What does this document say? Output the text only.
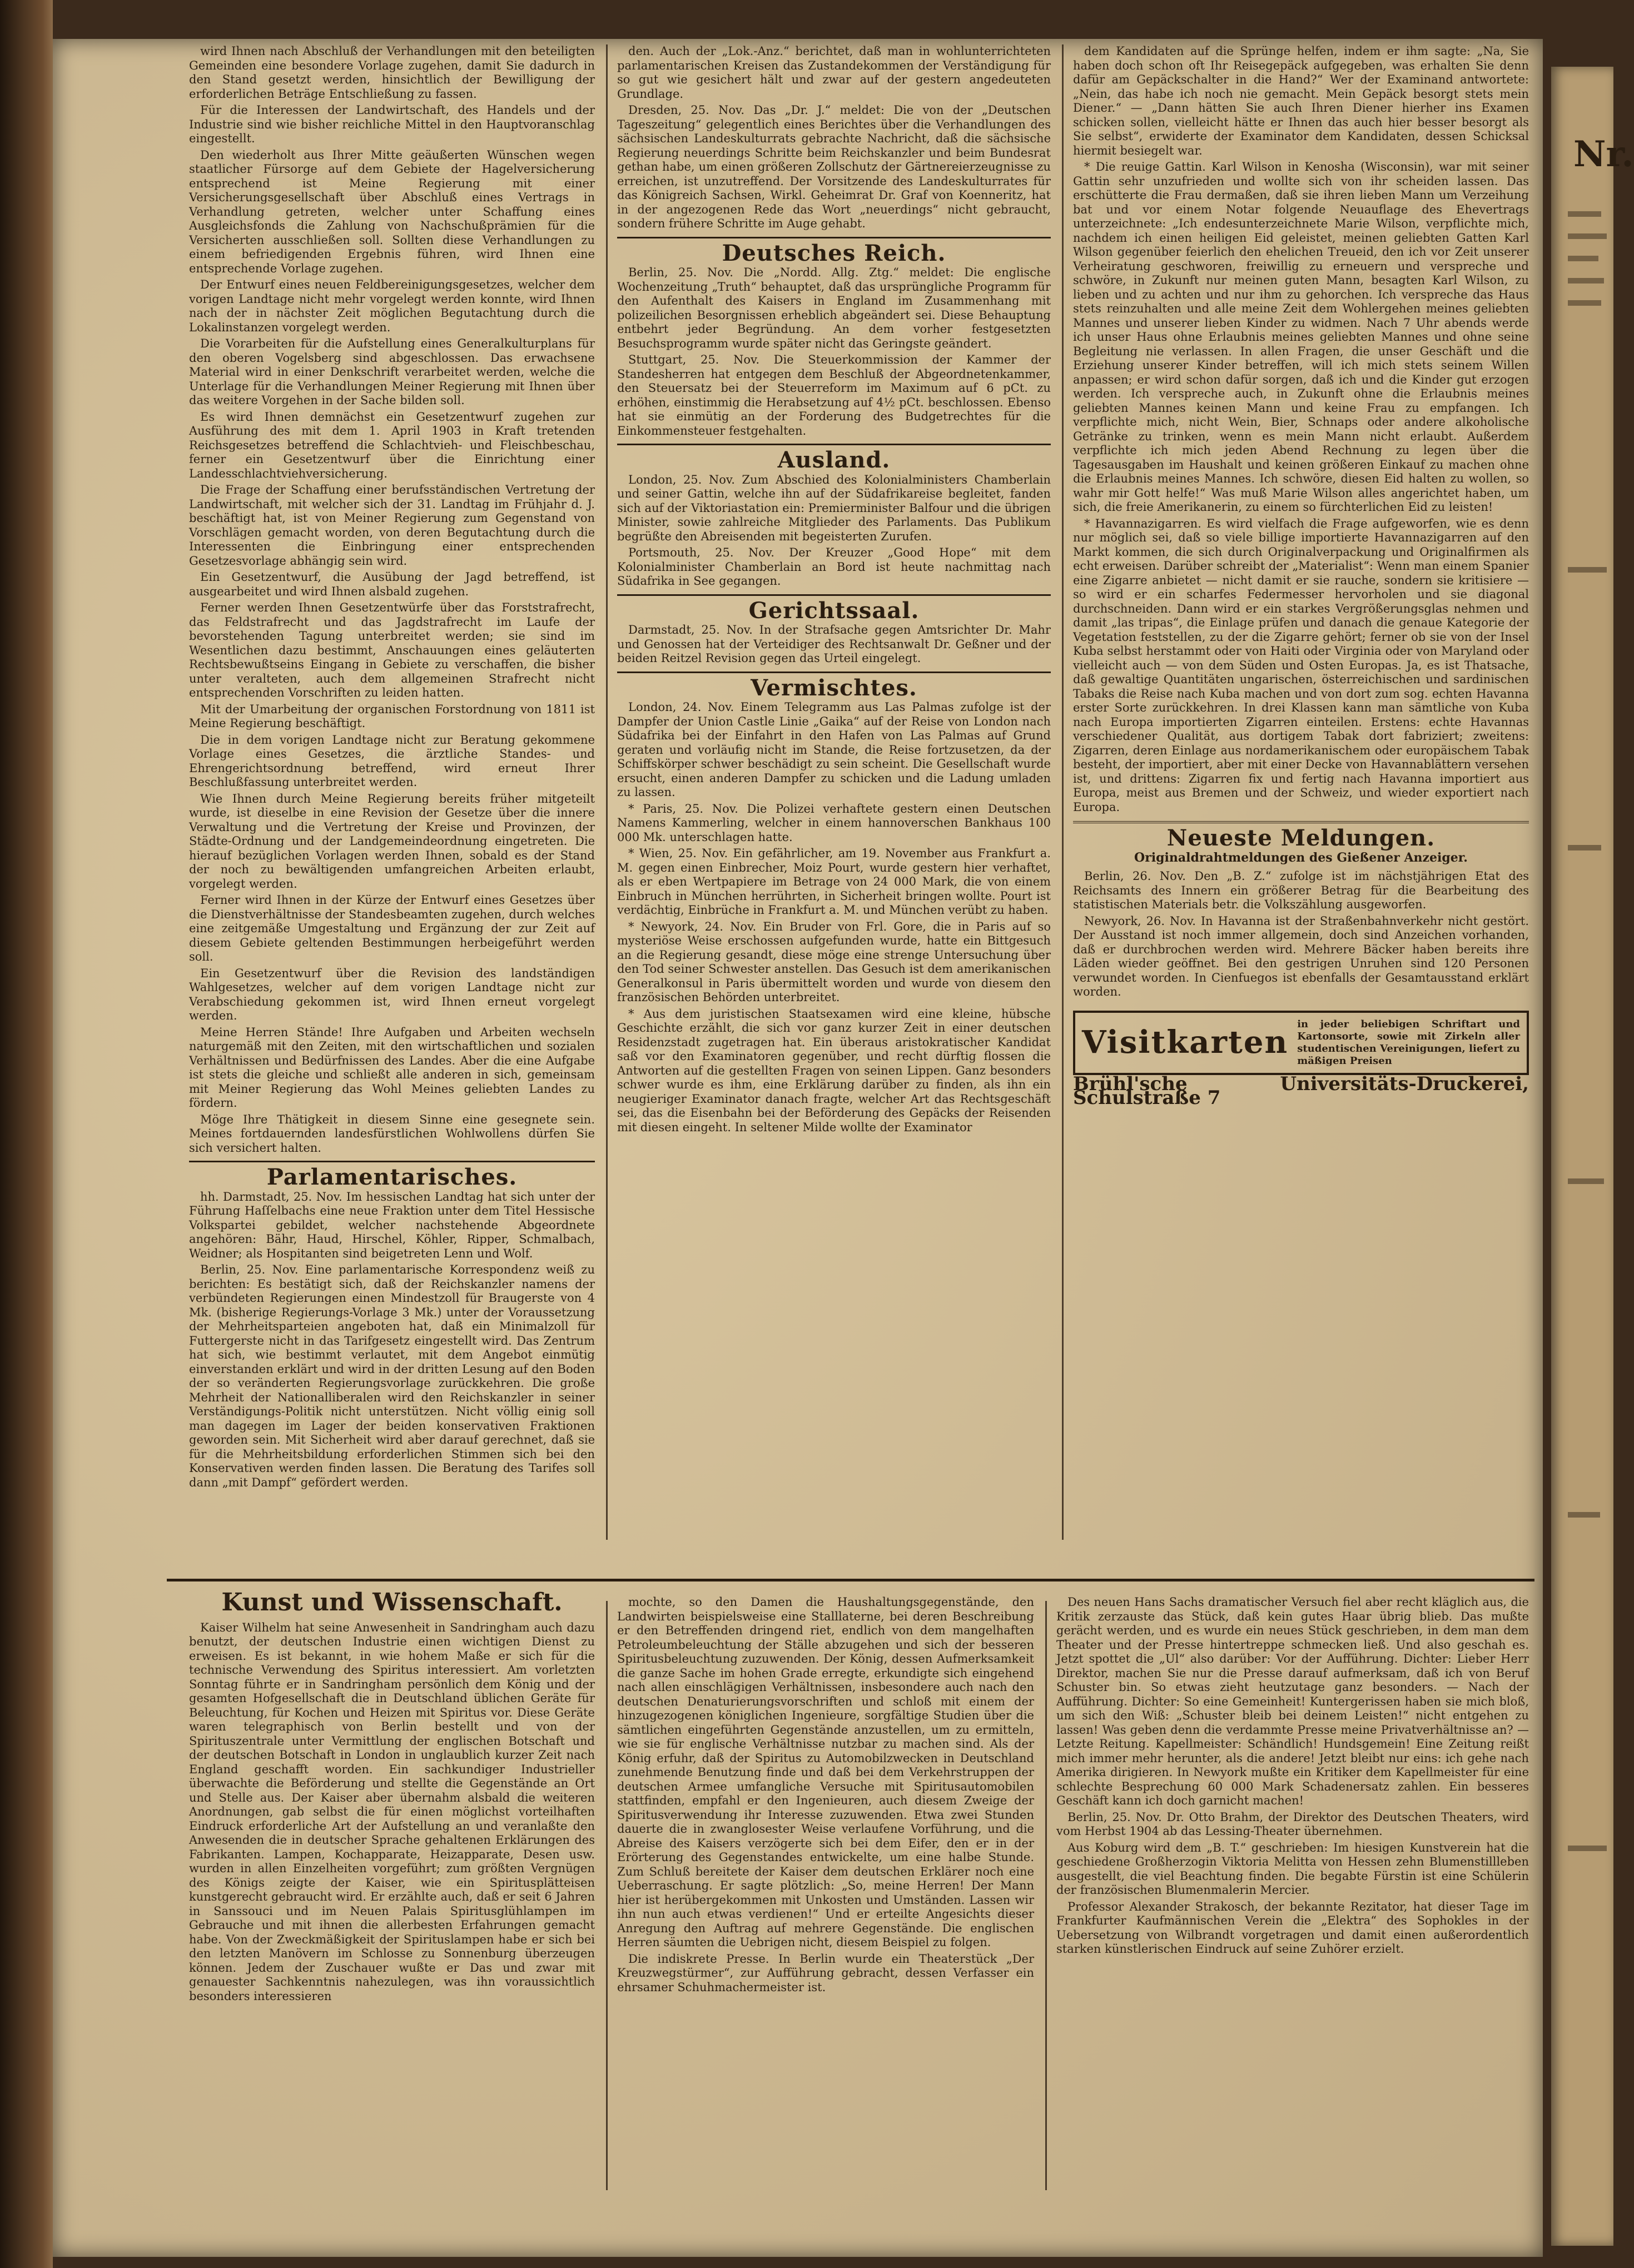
Nr.

wird Ihnen nach Abschluß der Verhandlungen mit den beteiligten Gemeinden eine besondere Vorlage zugehen, damit Sie dadurch in den Stand gesetzt werden, hinsichtlich der Bewilligung der erforderlichen Beträge Entschließung zu fassen.

Für die Interessen der Landwirtschaft, des Handels und der Industrie sind wie bisher reichliche Mittel in den Hauptvoranschlag eingestellt.

Den wiederholt aus Ihrer Mitte geäußerten Wünschen wegen staatlicher Fürsorge auf dem Gebiete der Hagelversicherung entsprechend ist Meine Regierung mit einer Versicherungsgesellschaft über Abschluß eines Vertrags in Verhandlung getreten, welcher unter Schaffung eines Ausgleichsfonds die Zahlung von Nachschußprämien für die Versicherten ausschließen soll. Sollten diese Verhandlungen zu einem befriedigenden Ergebnis führen, wird Ihnen eine entsprechende Vorlage zugehen.

Der Entwurf eines neuen Feldbereinigungsgesetzes, welcher dem vorigen Landtage nicht mehr vorgelegt werden konnte, wird Ihnen nach der in nächster Zeit möglichen Begutachtung durch die Lokalinstanzen vorgelegt werden.

Die Vorarbeiten für die Aufstellung eines Generalkulturplans für den oberen Vogelsberg sind abgeschlossen. Das erwachsene Material wird in einer Denkschrift verarbeitet werden, welche die Unterlage für die Verhandlungen Meiner Regierung mit Ihnen über das weitere Vorgehen in der Sache bilden soll.

Es wird Ihnen demnächst ein Gesetzentwurf zugehen zur Ausführung des mit dem 1. April 1903 in Kraft tretenden Reichsgesetzes betreffend die Schlachtvieh- und Fleischbeschau, ferner ein Gesetzentwurf über die Einrichtung einer Landesschlachtviehversicherung.

Die Frage der Schaffung einer berufsständischen Vertretung der Landwirtschaft, mit welcher sich der 31. Landtag im Frühjahr d. J. beschäftigt hat, ist von Meiner Regierung zum Gegenstand von Vorschlägen gemacht worden, von deren Begutachtung durch die Interessenten die Einbringung einer entsprechenden Gesetzesvorlage abhängig sein wird.

Ein Gesetzentwurf, die Ausübung der Jagd betreffend, ist ausgearbeitet und wird Ihnen alsbald zugehen.

Ferner werden Ihnen Gesetzentwürfe über das Forststrafrecht, das Feldstrafrecht und das Jagdstrafrecht im Laufe der bevorstehenden Tagung unterbreitet werden; sie sind im Wesentlichen dazu bestimmt, Anschauungen eines geläuterten Rechtsbewußtseins Eingang in Gebiete zu verschaffen, die bisher unter veralteten, auch dem allgemeinen Strafrecht nicht entsprechenden Vorschriften zu leiden hatten.

Mit der Umarbeitung der organischen Forstordnung von 1811 ist Meine Regierung beschäftigt.

Die in dem vorigen Landtage nicht zur Beratung gekommene Vorlage eines Gesetzes, die ärztliche Standes- und Ehrengerichtsordnung betreffend, wird erneut Ihrer Beschlußfassung unterbreitet werden.

Wie Ihnen durch Meine Regierung bereits früher mitgeteilt wurde, ist dieselbe in eine Revision der Gesetze über die innere Verwaltung und die Vertretung der Kreise und Provinzen, der Städte-Ordnung und der Landgemeindeordnung eingetreten. Die hierauf bezüglichen Vorlagen werden Ihnen, sobald es der Stand der noch zu bewältigenden umfangreichen Arbeiten erlaubt, vorgelegt werden.

Ferner wird Ihnen in der Kürze der Entwurf eines Gesetzes über die Dienstverhältnisse der Standesbeamten zugehen, durch welches eine zeitgemäße Umgestaltung und Ergänzung der zur Zeit auf diesem Gebiete geltenden Bestimmungen herbeigeführt werden soll.

Ein Gesetzentwurf über die Revision des landständigen Wahlgesetzes, welcher auf dem vorigen Landtage nicht zur Verabschiedung gekommen ist, wird Ihnen erneut vorgelegt werden.

Meine Herren Stände! Ihre Aufgaben und Arbeiten wechseln naturgemäß mit den Zeiten, mit den wirtschaftlichen und sozialen Verhältnissen und Bedürfnissen des Landes. Aber die eine Aufgabe ist stets die gleiche und schließt alle anderen in sich, gemeinsam mit Meiner Regierung das Wohl Meines geliebten Landes zu fördern.

Möge Ihre Thätigkeit in diesem Sinne eine gesegnete sein. Meines fortdauernden landesfürstlichen Wohlwollens dürfen Sie sich versichert halten.

Parlamentarisches.

hh. Darmstadt, 25. Nov. Im hessischen Landtag hat sich unter der Führung Haſſelbachs eine neue Fraktion unter dem Titel Hessische Volkspartei gebildet, welcher nachstehende Abgeordnete angehören: Bähr, Haud, Hirschel, Köhler, Ripper, Schmalbach, Weidner; als Hospitanten sind beigetreten Lenn und Wolf.

Berlin, 25. Nov. Eine parlamentarische Korrespondenz weiß zu berichten: Es bestätigt sich, daß der Reichskanzler namens der verbündeten Regierungen einen Mindestzoll für Braugerste von 4 Mk. (bisherige Regierungs-Vorlage 3 Mk.) unter der Voraussetzung der Mehrheitsparteien angeboten hat, daß ein Minimalzoll für Futtergerste nicht in das Tarifgesetz eingestellt wird. Das Zentrum hat sich, wie bestimmt verlautet, mit dem Angebot einmütig einverstanden erklärt und wird in der dritten Lesung auf den Boden der so veränderten Regierungsvorlage zurückkehren. Die große Mehrheit der Nationalliberalen wird den Reichskanzler in seiner Verständigungs-Politik nicht unterstützen. Nicht völlig einig soll man dagegen im Lager der beiden konservativen Fraktionen geworden sein. Mit Sicherheit wird aber darauf gerechnet, daß sie für die Mehrheitsbildung erforderlichen Stimmen sich bei den Konservativen werden finden lassen. Die Beratung des Tarifes soll dann „mit Dampf“ gefördert werden.

den. Auch der „Lok.-Anz.“ berichtet, daß man in wohlunterrichteten parlamentarischen Kreisen das Zustandekommen der Verständigung für so gut wie gesichert hält und zwar auf der gestern angedeuteten Grundlage.

Dresden, 25. Nov. Das „Dr. J.“ meldet: Die von der „Deutschen Tageszeitung“ gelegentlich eines Berichtes über die Verhandlungen des sächsischen Landeskulturrats gebrachte Nachricht, daß die sächsische Regierung neuerdings Schritte beim Reichskanzler und beim Bundesrat gethan habe, um einen größeren Zollschutz der Gärtnereierzeugnisse zu erreichen, ist unzutreffend. Der Vorsitzende des Landeskulturrates für das Königreich Sachsen, Wirkl. Geheimrat Dr. Graf von Koenneritz, hat in der angezogenen Rede das Wort „neuerdings“ nicht gebraucht, sondern frühere Schritte im Auge gehabt.

Deutsches Reich.

Berlin, 25. Nov. Die „Nordd. Allg. Ztg.“ meldet: Die englische Wochenzeitung „Truth“ behauptet, daß das ursprüngliche Programm für den Aufenthalt des Kaisers in England im Zusammenhang mit polizeilichen Besorgnissen erheblich abgeändert sei. Diese Behauptung entbehrt jeder Begründung. An dem vorher festgesetzten Besuchsprogramm wurde später nicht das Geringste geändert.

Stuttgart, 25. Nov. Die Steuerkommission der Kammer der Standesherren hat entgegen dem Beschluß der Abgeordnetenkammer, den Steuersatz bei der Steuerreform im Maximum auf 6 pCt. zu erhöhen, einstimmig die Herabsetzung auf 4½ pCt. beschlossen. Ebenso hat sie einmütig an der Forderung des Budgetrechtes für die Einkommensteuer festgehalten.

Ausland.

London, 25. Nov. Zum Abschied des Kolonialministers Chamberlain und seiner Gattin, welche ihn auf der Südafrikareise begleitet, fanden sich auf der Viktoriastation ein: Premierminister Balfour und die übrigen Minister, sowie zahlreiche Mitglieder des Parlaments. Das Publikum begrüßte den Abreisenden mit begeisterten Zurufen.

Portsmouth, 25. Nov. Der Kreuzer „Good Hope“ mit dem Kolonialminister Chamberlain an Bord ist heute nachmittag nach Südafrika in See gegangen.

Gerichtssaal.

Darmstadt, 25. Nov. In der Strafsache gegen Amtsrichter Dr. Mahr und Genossen hat der Verteidiger des Rechtsanwalt Dr. Geßner und der beiden Reitzel Revision gegen das Urteil eingelegt.

Vermischtes.

London, 24. Nov. Einem Telegramm aus Las Palmas zufolge ist der Dampfer der Union Castle Linie „Gaika“ auf der Reise von London nach Südafrika bei der Einfahrt in den Hafen von Las Palmas auf Grund geraten und vorläufig nicht im Stande, die Reise fortzusetzen, da der Schiffskörper schwer beschädigt zu sein scheint. Die Gesellschaft wurde ersucht, einen anderen Dampfer zu schicken und die Ladung umladen zu lassen.

* Paris, 25. Nov. Die Polizei verhaftete gestern einen Deutschen Namens Kammerling, welcher in einem hannoverschen Bankhaus 100 000 Mk. unterschlagen hatte.

* Wien, 25. Nov. Ein gefährlicher, am 19. November aus Frankfurt a. M. gegen einen Einbrecher, Moiz Pourt, wurde gestern hier verhaftet, als er eben Wertpapiere im Betrage von 24 000 Mark, die von einem Einbruch in München herrührten, in Sicherheit bringen wollte. Pourt ist verdächtig, Einbrüche in Frankfurt a. M. und München verübt zu haben.

* Newyork, 24. Nov. Ein Bruder von Frl. Gore, die in Paris auf so mysteriöse Weise erschossen aufgefunden wurde, hatte ein Bittgesuch an die Regierung gesandt, diese möge eine strenge Untersuchung über den Tod seiner Schwester anstellen. Das Gesuch ist dem amerikanischen Generalkonsul in Paris übermittelt worden und wurde von diesem den französischen Behörden unterbreitet.

* Aus dem juristischen Staatsexamen wird eine kleine, hübsche Geschichte erzählt, die sich vor ganz kurzer Zeit in einer deutschen Residenzstadt zugetragen hat. Ein überaus aristokratischer Kandidat saß vor den Examinatoren gegenüber, und recht dürftig flossen die Antworten auf die gestellten Fragen von seinen Lippen. Ganz besonders schwer wurde es ihm, eine Erklärung darüber zu finden, als ihn ein neugieriger Examinator danach fragte, welcher Art das Rechtsgeschäft sei, das die Eisenbahn bei der Beförderung des Gepäcks der Reisenden mit diesen eingeht. In seltener Milde wollte der Examinator

dem Kandidaten auf die Sprünge helfen, indem er ihm sagte: „Na, Sie haben doch schon oft Ihr Reisegepäck aufgegeben, was erhalten Sie denn dafür am Gepäckschalter in die Hand?“ Wer der Examinand antwortete: „Nein, das habe ich noch nie gemacht. Mein Gepäck besorgt stets mein Diener.“ — „Dann hätten Sie auch Ihren Diener hierher ins Examen schicken sollen, vielleicht hätte er Ihnen das auch hier besser besorgt als Sie selbst“, erwiderte der Examinator dem Kandidaten, dessen Schicksal hiermit besiegelt war.

* Die reuige Gattin. Karl Wilson in Kenosha (Wisconsin), war mit seiner Gattin sehr unzufrieden und wollte sich von ihr scheiden lassen. Das erschütterte die Frau dermaßen, daß sie ihren lieben Mann um Verzeihung bat und vor einem Notar folgende Neuauflage des Ehevertrags unterzeichnete: „Ich endesunterzeichnete Marie Wilson, verpflichte mich, nachdem ich einen heiligen Eid geleistet, meinen geliebten Gatten Karl Wilson gegenüber feierlich den ehelichen Treueid, den ich vor Zeit unserer Verheiratung geschworen, freiwillig zu erneuern und verspreche und schwöre, in Zukunft nur meinen guten Mann, besagten Karl Wilson, zu lieben und zu achten und nur ihm zu gehorchen. Ich verspreche das Haus stets reinzuhalten und alle meine Zeit dem Wohlergehen meines geliebten Mannes und unserer lieben Kinder zu widmen. Nach 7 Uhr abends werde ich unser Haus ohne Erlaubnis meines geliebten Mannes und ohne seine Begleitung nie verlassen. In allen Fragen, die unser Geschäft und die Erziehung unserer Kinder betreffen, will ich mich stets seinem Willen anpassen; er wird schon dafür sorgen, daß ich und die Kinder gut erzogen werden. Ich verspreche auch, in Zukunft ohne die Erlaubnis meines geliebten Mannes keinen Mann und keine Frau zu empfangen. Ich verpflichte mich, nicht Wein, Bier, Schnaps oder andere alkoholische Getränke zu trinken, wenn es mein Mann nicht erlaubt. Außerdem verpflichte ich mich jeden Abend Rechnung zu legen über die Tagesausgaben im Haushalt und keinen größeren Einkauf zu machen ohne die Erlaubnis meines Mannes. Ich schwöre, diesen Eid halten zu wollen, so wahr mir Gott helfe!“ Was muß Marie Wilson alles angerichtet haben, um sich, die freie Amerikanerin, zu einem so fürchterlichen Eid zu leisten!

* Havannazigarren. Es wird vielfach die Frage aufgeworfen, wie es denn nur möglich sei, daß so viele billige importierte Havannazigarren auf den Markt kommen, die sich durch Originalverpackung und Originalfirmen als echt erweisen. Darüber schreibt der „Materialist“: Wenn man einem Spanier eine Zigarre anbietet — nicht damit er sie rauche, sondern sie kritisiere — so wird er ein scharfes Federmesser hervorholen und sie diagonal durchschneiden. Dann wird er ein starkes Vergrößerungsglas nehmen und damit „las tripas“, die Einlage prüfen und danach die genaue Kategorie der Vegetation feststellen, zu der die Zigarre gehört; ferner ob sie von der Insel Kuba selbst herstammt oder von Haiti oder Virginia oder von Maryland oder vielleicht auch — von dem Süden und Osten Europas. Ja, es ist Thatsache, daß gewaltige Quantitäten ungarischen, österreichischen und sardinischen Tabaks die Reise nach Kuba machen und von dort zum sog. echten Havanna erster Sorte zurückkehren. In drei Klassen kann man sämtliche von Kuba nach Europa importierten Zigarren einteilen. Erstens: echte Havannas verschiedener Qualität, aus dortigem Tabak dort fabriziert; zweitens: Zigarren, deren Einlage aus nordamerikanischem oder europäischem Tabak besteht, der importiert, aber mit einer Decke von Havannablättern versehen ist, und drittens: Zigarren fix und fertig nach Havanna importiert aus Europa, meist aus Bremen und der Schweiz, und wieder exportiert nach Europa.

Neueste Meldungen.
Originaldrahtmeldungen des Gießener Anzeiger.

Berlin, 26. Nov. Den „B. Z.“ zufolge ist im nächstjährigen Etat des Reichsamts des Innern ein größerer Betrag für die Bearbeitung des statistischen Materials betr. die Volkszählung ausgeworfen.

Newyork, 26. Nov. In Havanna ist der Straßenbahnverkehr nicht gestört. Der Ausstand ist noch immer allgemein, doch sind Anzeichen vorhanden, daß er durchbrochen werden wird. Mehrere Bäcker haben bereits ihre Läden wieder geöffnet. Bei den gestrigen Unruhen sind 120 Personen verwundet worden. In Cienfuegos ist ebenfalls der Gesamtausstand erklärt worden.

Visitkarten in jeder beliebigen Schriftart und Kartonsorte, sowie mit Zirkeln aller studentischen Vereinigungen, liefert zu mäßigen Preisen
Brühl'sche Universitäts-Druckerei, Schulstraße 7
Kunst und Wissenschaft.

Kaiser Wilhelm hat seine Anwesenheit in Sandringham auch dazu benutzt, der deutschen Industrie einen wichtigen Dienst zu erweisen. Es ist bekannt, in wie hohem Maße er sich für die technische Verwendung des Spiritus interessiert. Am vorletzten Sonntag führte er in Sandringham persönlich dem König und der gesamten Hofgesellschaft die in Deutschland üblichen Geräte für Beleuchtung, für Kochen und Heizen mit Spiritus vor. Diese Geräte waren telegraphisch von Berlin bestellt und von der Spirituszentrale unter Vermittlung der englischen Botschaft und der deutschen Botschaft in London in unglaublich kurzer Zeit nach England geschafft worden. Ein sachkundiger Industrieller überwachte die Beförderung und stellte die Gegenstände an Ort und Stelle aus. Der Kaiser aber übernahm alsbald die weiteren Anordnungen, gab selbst die für einen möglichst vorteilhaften Eindruck erforderliche Art der Aufstellung an und veranlaßte den Anwesenden die in deutscher Sprache gehaltenen Erklärungen des Fabrikanten. Lampen, Kochapparate, Heizapparate, Desen usw. wurden in allen Einzelheiten vorgeführt; zum größten Vergnügen des Königs zeigte der Kaiser, wie ein Spiritusplätteisen kunstgerecht gebraucht wird. Er erzählte auch, daß er seit 6 Jahren in Sanssouci und im Neuen Palais Spiritusglühlampen im Gebrauche und mit ihnen die allerbesten Erfahrungen gemacht habe. Von der Zweckmäßigkeit der Spirituslampen habe er sich bei den letzten Manövern im Schlosse zu Sonnenburg überzeugen können. Jedem der Zuschauer wußte er Das und zwar mit genauester Sachkenntnis nahezulegen, was ihn voraussichtlich besonders interessieren

mochte, so den Damen die Haushaltungsgegenstände, den Landwirten beispielsweise eine Stalllaterne, bei deren Beschreibung er den Betreffenden dringend riet, endlich von dem mangelhaften Petroleumbeleuchtung der Ställe abzugehen und sich der besseren Spiritusbeleuchtung zuzuwenden. Der König, dessen Aufmerksamkeit die ganze Sache im hohen Grade erregte, erkundigte sich eingehend nach allen einschlägigen Verhältnissen, insbesondere auch nach den deutschen Denaturierungsvorschriften und schloß mit einem der hinzugezogenen königlichen Ingenieure, sorgfältige Studien über die sämtlichen eingeführten Gegenstände anzustellen, um zu ermitteln, wie sie für englische Verhältnisse nutzbar zu machen sind. Als der König erfuhr, daß der Spiritus zu Automobilzwecken in Deutschland zunehmende Benutzung finde und daß bei dem Verkehrstruppen der deutschen Armee umfangliche Versuche mit Spiritusautomobilen stattfinden, empfahl er den Ingenieuren, auch diesem Zweige der Spiritusverwendung ihr Interesse zuzuwenden. Etwa zwei Stunden dauerte die in zwanglosester Weise verlaufene Vorführung, und die Abreise des Kaisers verzögerte sich bei dem Eifer, den er in der Erörterung des Gegenstandes entwickelte, um eine halbe Stunde. Zum Schluß bereitete der Kaiser dem deutschen Erklärer noch eine Ueberraschung. Er sagte plötzlich: „So, meine Herren! Der Mann hier ist herübergekommen mit Unkosten und Umständen. Lassen wir ihn nun auch etwas verdienen!“ Und er erteilte Angesichts dieser Anregung den Auftrag auf mehrere Gegenstände. Die englischen Herren säumten die Uebrigen nicht, diesem Beispiel zu folgen.

Die indiskrete Presse. In Berlin wurde ein Theaterstück „Der Kreuzwegstürmer“, zur Aufführung gebracht, dessen Verfasser ein ehrsamer Schuhmachermeister ist.

Des neuen Hans Sachs dramatischer Versuch fiel aber recht kläglich aus, die Kritik zerzauste das Stück, daß kein gutes Haar übrig blieb. Das mußte gerächt werden, und es wurde ein neues Stück geschrieben, in dem man dem Theater und der Presse hintertreppe schmecken ließ. Und also geschah es. Jetzt spottet die „Ul“ also darüber: Vor der Aufführung. Dichter: Lieber Herr Direktor, machen Sie nur die Presse darauf aufmerksam, daß ich von Beruf Schuster bin. So etwas zieht heutzutage ganz besonders. — Nach der Aufführung. Dichter: So eine Gemeinheit! Kuntergerissen haben sie mich bloß, um sich den Wiß: „Schuster bleib bei deinem Leisten!“ nicht entgehen zu lassen! Was geben denn die verdammte Presse meine Privatverhältnisse an? — Letzte Reitung. Kapellmeister: Schändlich! Hundsgemein! Eine Zeitung reißt mich immer mehr herunter, als die andere! Jetzt bleibt nur eins: ich gehe nach Amerika dirigieren. In Newyork mußte ein Kritiker dem Kapellmeister für eine schlechte Besprechung 60 000 Mark Schadenersatz zahlen. Ein besseres Geschäft kann ich doch garnicht machen!

Berlin, 25. Nov. Dr. Otto Brahm, der Direktor des Deutschen Theaters, wird vom Herbst 1904 ab das Lessing-Theater übernehmen.

Aus Koburg wird dem „B. T.“ geschrieben: Im hiesigen Kunstverein hat die geschiedene Großherzogin Viktoria Melitta von Hessen zehn Blumenstillleben ausgestellt, die viel Beachtung finden. Die begabte Fürstin ist eine Schülerin der französischen Blumenmalerin Mercier.

Professor Alexander Strakosch, der bekannte Rezitator, hat dieser Tage im Frankfurter Kaufmännischen Verein die „Elektra“ des Sophokles in der Uebersetzung von Wilbrandt vorgetragen und damit einen außerordentlich starken künstlerischen Eindruck auf seine Zuhörer erzielt.
